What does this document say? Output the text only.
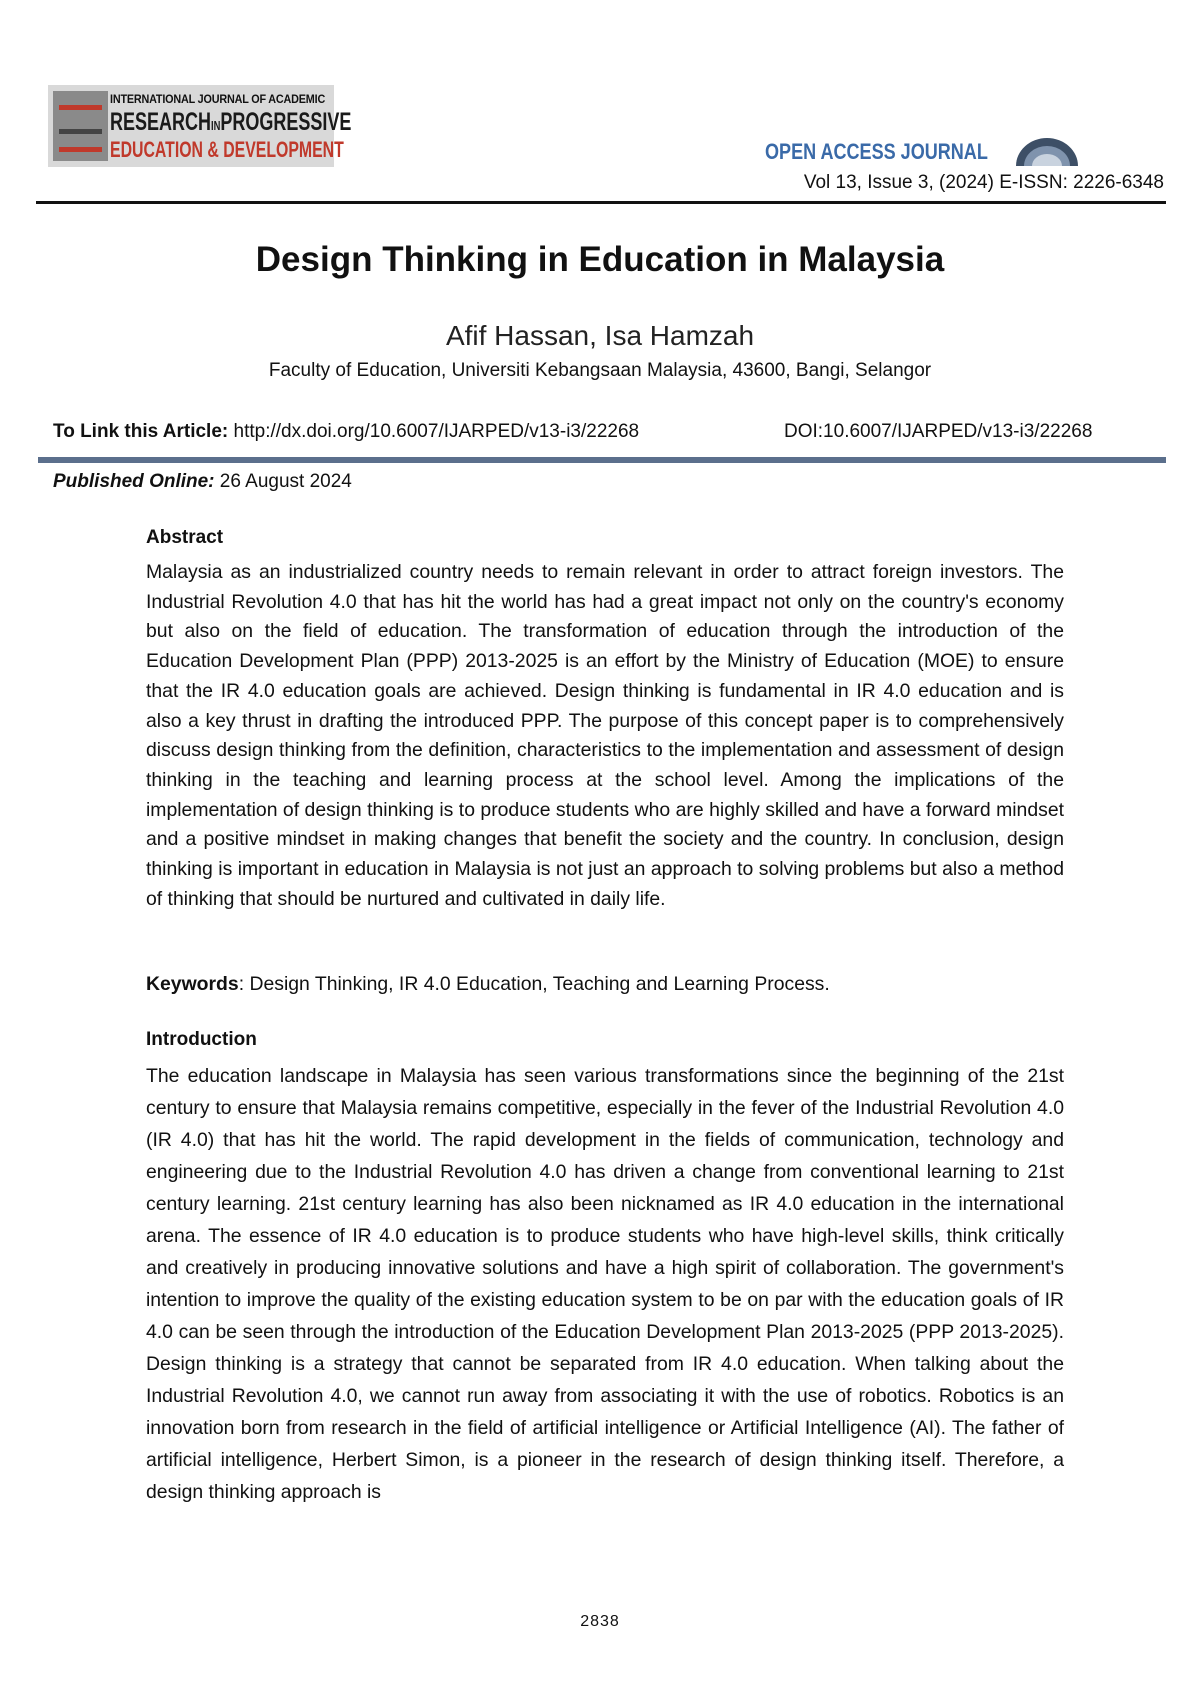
INTERNATIONAL JOURNAL OF ACADEMIC
RESEARCHINPROGRESSIVE
EDUCATION & DEVELOPMENT	OPEN ACCESS JOURNAL
Vol 13, Issue 3, (2024) E-ISSN: 2226-6348
Design Thinking in Education in Malaysia
Afif Hassan, Isa Hamzah
Faculty of Education, Universiti Kebangsaan Malaysia, 43600, Bangi, Selangor
To Link this Article: http://dx.doi.org/10.6007/IJARPED/v13-i3/22268	DOI:10.6007/IJARPED/v13-i3/22268
Published Online: 26 August 2024
Abstract
Malaysia as an industrialized country needs to remain relevant in order to attract foreign investors. The Industrial Revolution 4.0 that has hit the world has had a great impact not only on the country's economy but also on the field of education. The transformation of education through the introduction of the Education Development Plan (PPP) 2013-2025 is an effort by the Ministry of Education (MOE) to ensure that the IR 4.0 education goals are achieved. Design thinking is fundamental in IR 4.0 education and is also a key thrust in drafting the introduced PPP. The purpose of this concept paper is to comprehensively discuss design thinking from the definition, characteristics to the implementation and assessment of design thinking in the teaching and learning process at the school level. Among the implications of the implementation of design thinking is to produce students who are highly skilled and have a forward mindset and a positive mindset in making changes that benefit the society and the country. In conclusion, design thinking is important in education in Malaysia is not just an approach to solving problems but also a method of thinking that should be nurtured and cultivated in daily life.
Keywords: Design Thinking, IR 4.0 Education, Teaching and Learning Process.
Introduction
The education landscape in Malaysia has seen various transformations since the beginning of the 21st century to ensure that Malaysia remains competitive, especially in the fever of the Industrial Revolution 4.0 (IR 4.0) that has hit the world. The rapid development in the fields of communication, technology and engineering due to the Industrial Revolution 4.0 has driven a change from conventional learning to 21st century learning. 21st century learning has also been nicknamed as IR 4.0 education in the international arena. The essence of IR 4.0 education is to produce students who have high-level skills, think critically and creatively in producing innovative solutions and have a high spirit of collaboration. The government's intention to improve the quality of the existing education system to be on par with the education goals of IR 4.0 can be seen through the introduction of the Education Development Plan 2013-2025 (PPP 2013-2025). Design thinking is a strategy that cannot be separated from IR 4.0 education. When talking about the Industrial Revolution 4.0, we cannot run away from associating it with the use of robotics. Robotics is an innovation born from research in the field of artificial intelligence or Artificial Intelligence (AI). The father of artificial intelligence, Herbert Simon, is a pioneer in the research of design thinking itself. Therefore, a design thinking approach is
2838
